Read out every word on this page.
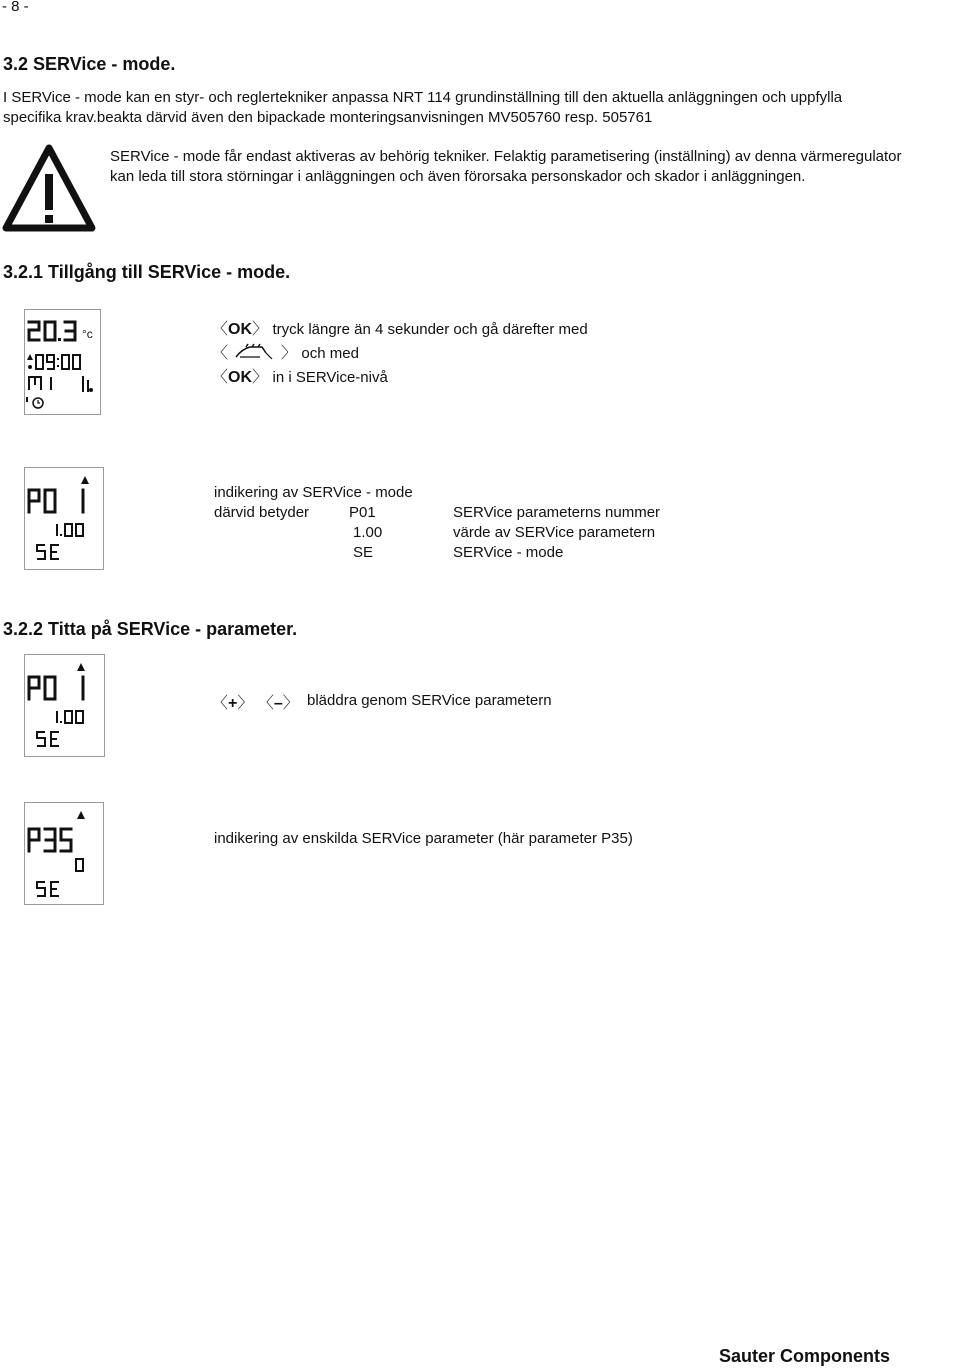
- 8 -
3.2 SERVice - mode.
I SERVice - mode kan en styr- och reglertekniker anpassa NRT 114 grundinställning till den aktuella anläggningen och uppfylla
specifika krav.beakta därvid även den bipackade monteringsanvisningen MV505760 resp. 505761
SERVice - mode får endast aktiveras av behörig tekniker. Felaktig parametisering (inställning) av denna värmeregulator
kan leda till stora störningar i anläggningen och även förorsaka personskador och skador i anläggningen.
3.2.1 Tillgång till SERVice - mode.
°c	〈OK〉 tryck längre än 4 sekunder och gå därefter med
〈	〉 och med
〈OK〉 in i SERVice-nivå
indikering av SERVice - mode
därvid betyder	P01	SERVice parameterns nummer
1.00	värde av SERVice parametern
SE	SERVice - mode
3.2.2 Titta på SERVice - parameter.
〈+〉 〈–〉 bläddra genom SERVice parametern
indikering av enskilda SERVice parameter (här parameter P35)
Sauter Components
